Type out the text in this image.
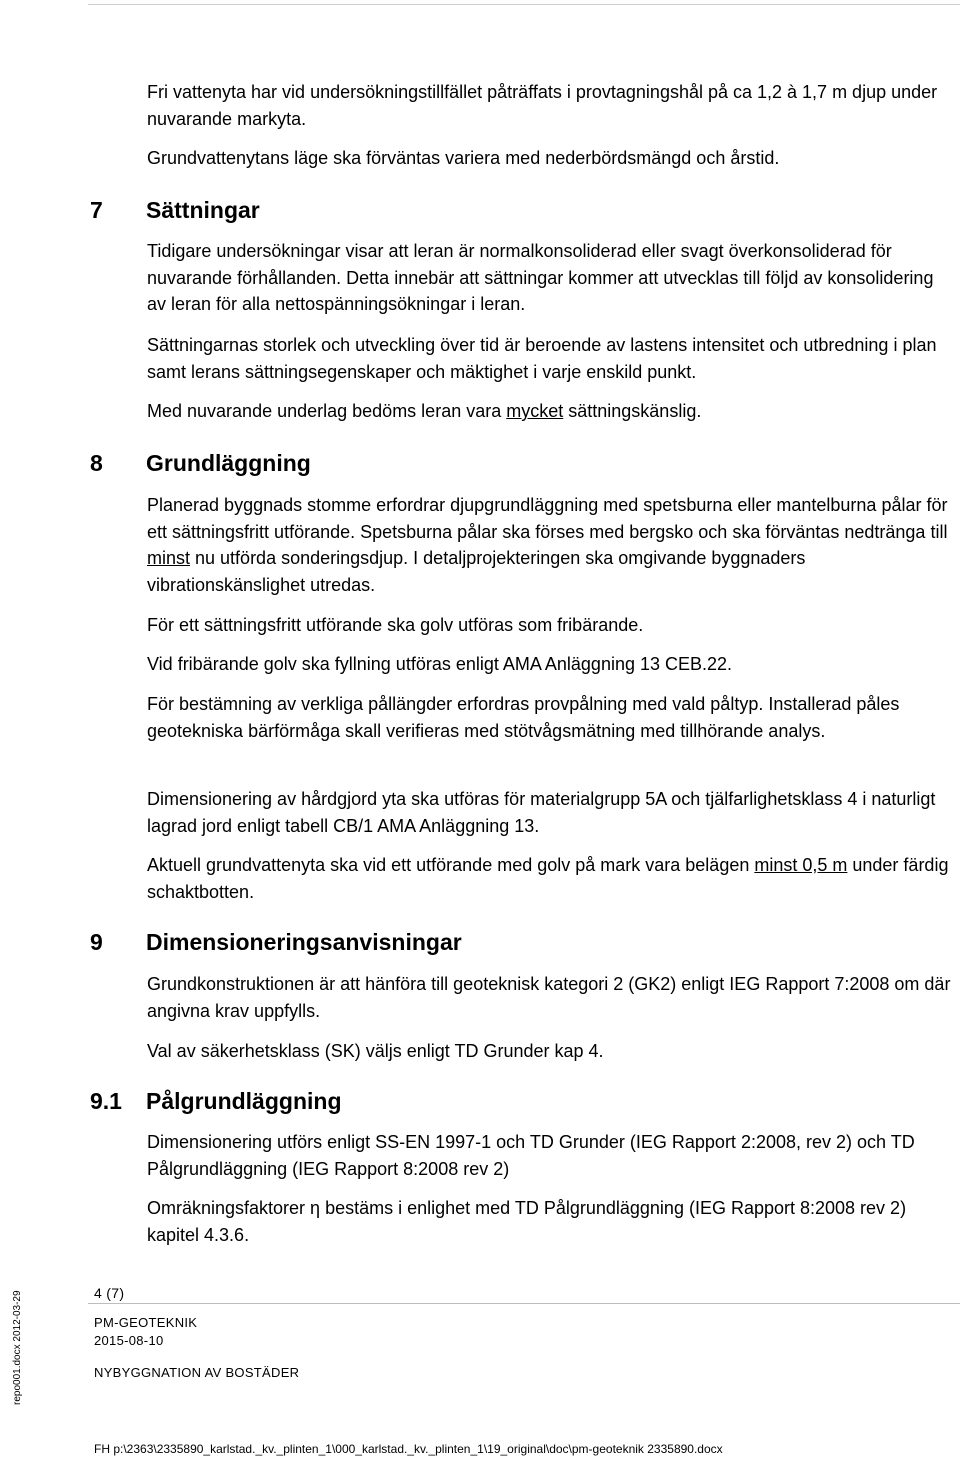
Fri vattenyta har vid undersökningstillfället påträffats i provtagningshål på ca 1,2 à 1,7 m djup under nuvarande markyta.

Grundvattenytans läge ska förväntas variera med nederbördsmängd och årstid.

7 Sättningar

Tidigare undersökningar visar att leran är normalkonsoliderad eller svagt överkonsoliderad för nuvarande förhållanden. Detta innebär att sättningar kommer att utvecklas till följd av konsolidering av leran för alla nettospänningsökningar i leran.

Sättningarnas storlek och utveckling över tid är beroende av lastens intensitet och utbredning i plan samt lerans sättningsegenskaper och mäktighet i varje enskild punkt.

Med nuvarande underlag bedöms leran vara mycket sättningskänslig.

8 Grundläggning

Planerad byggnads stomme erfordrar djupgrundläggning med spetsburna eller mantelburna pålar för ett sättningsfritt utförande. Spetsburna pålar ska förses med bergsko och ska förväntas nedtränga till minst nu utförda sonderingsdjup. I detaljprojekteringen ska omgivande byggnaders vibrationskänslighet utredas.

För ett sättningsfritt utförande ska golv utföras som fribärande.

Vid fribärande golv ska fyllning utföras enligt AMA Anläggning 13 CEB.22.

För bestämning av verkliga pållängder erfordras provpålning med vald påltyp. Installerad påles geotekniska bärförmåga skall verifieras med stötvågsmätning med tillhörande analys.

Dimensionering av hårdgjord yta ska utföras för materialgrupp 5A och tjälfarlighetsklass 4 i naturligt lagrad jord enligt tabell CB/1 AMA Anläggning 13.

Aktuell grundvattenyta ska vid ett utförande med golv på mark vara belägen minst 0,5 m under färdig schaktbotten.

9 Dimensioneringsanvisningar

Grundkonstruktionen är att hänföra till geoteknisk kategori 2 (GK2) enligt IEG Rapport 7:2008 om där angivna krav uppfylls.

Val av säkerhetsklass (SK) väljs enligt TD Grunder kap 4.

9.1 Pålgrundläggning

Dimensionering utförs enligt SS-EN 1997-1 och TD Grunder (IEG Rapport 2:2008, rev 2) och TD Pålgrundläggning (IEG Rapport 8:2008 rev 2)

Omräkningsfaktorer η bestäms i enlighet med TD Pålgrundläggning (IEG Rapport 8:2008 rev 2) kapitel 4.3.6.

4 (7)
PM-GEOTEKNIK
2015-08-10
NYBYGGNATION AV BOSTÄDER
FH p:\2363\2335890_karlstad._kv._plinten_1\000_karlstad._kv._plinten_1\19_original\doc\pm-geoteknik 2335890.docx
repo001.docx 2012-03-29
